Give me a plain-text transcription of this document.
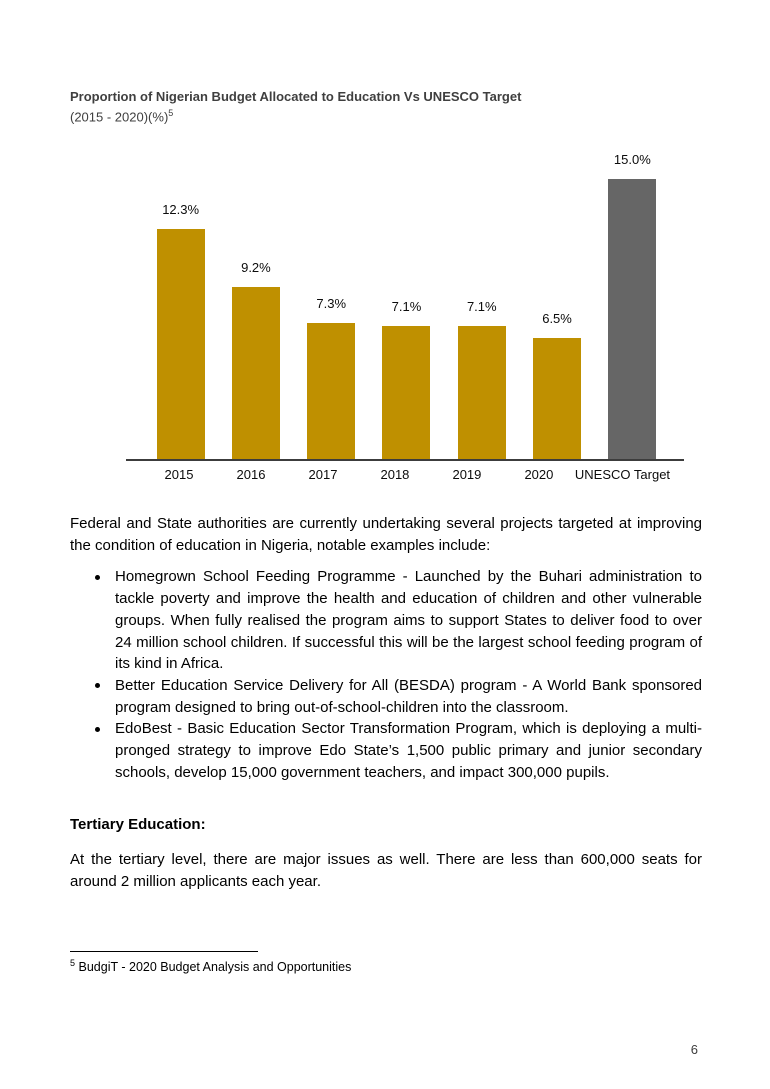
Proportion of Nigerian Budget Allocated to Education Vs UNESCO Target
(2015 - 2020)(%)$^5$
12.3%
9.2%
7.3%	7.1%	7.1%
6.5%
15.0%
2015	2016	2017	2018	2019	2020	UNESCO Target

Federal and State authorities are currently undertaking several projects targeted at improving the condition of education in Nigeria, notable examples include:

Homegrown School Feeding Programme - Launched by the Buhari administration to tackle poverty and improve the health and education of children and other vulnerable groups. When fully realised the program aims to support States to deliver food to over 24 million school children. If successful this will be the largest school feeding program of its kind in Africa.
Better Education Service Delivery for All (BESDA) program - A World Bank sponsored program designed to bring out-of-school-children into the classroom.
EdoBest - Basic Education Sector Transformation Program, which is deploying a multi-pronged strategy to improve Edo State’s 1,500 public primary and junior secondary schools, develop 15,000 government teachers, and impact 300,000 pupils.
Tertiary Education:

At the tertiary level, there are major issues as well. There are less than 600,000 seats for around 2 million applicants each year.

$^5$ BudgiT - 2020 Budget Analysis and Opportunities
6
